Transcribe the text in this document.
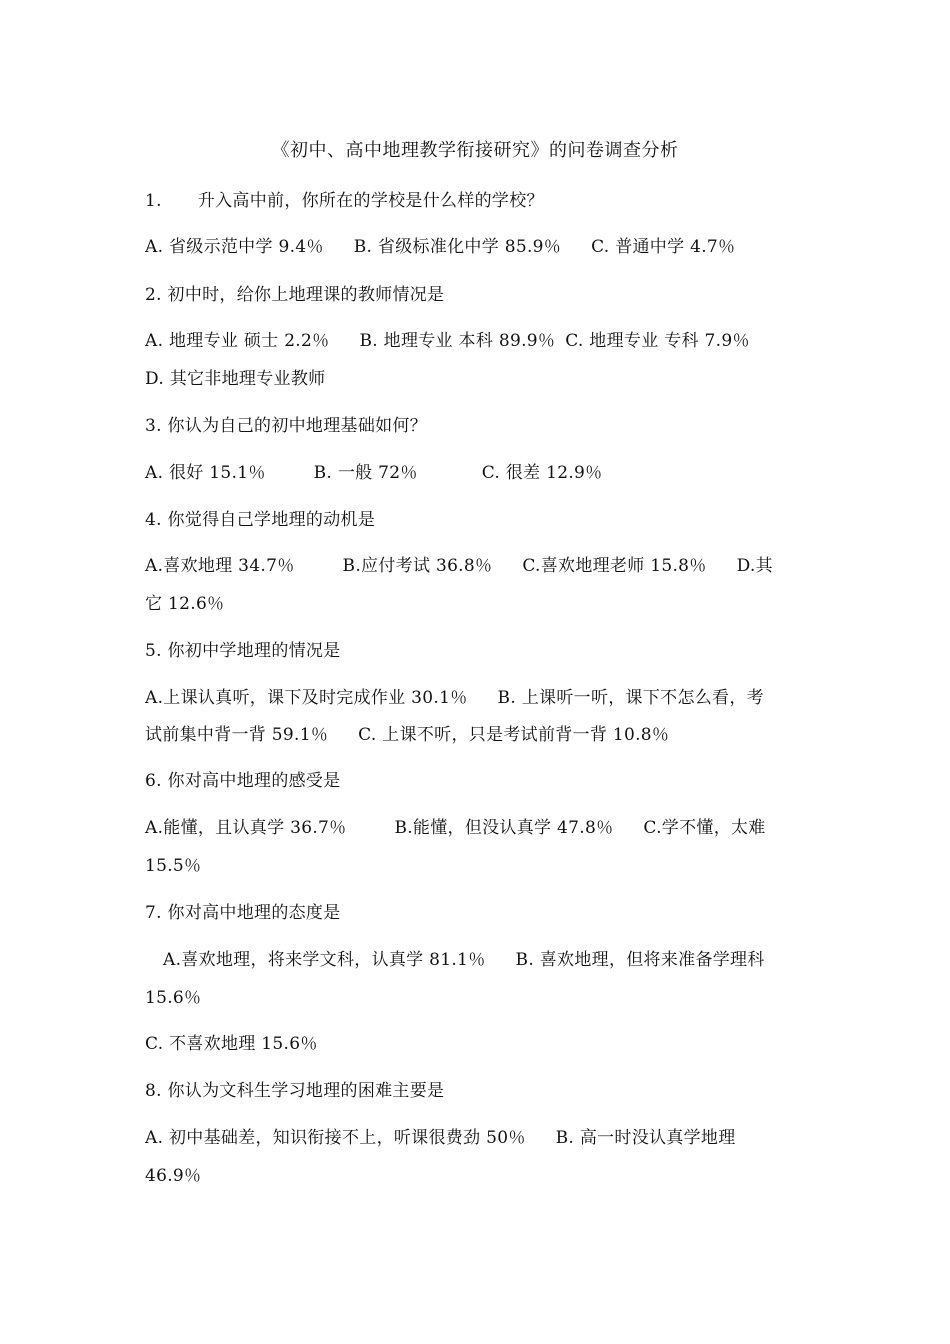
《初中、高中地理教学衔接研究》的问卷调查分析
1. 升入高中前，你所在的学校是什么样的学校？
A. 省级示范中学 9.4％ B. 省级标准化中学 85.9％ C. 普通中学 4.7％
2. 初中时，给你上地理课的教师情况是
A. 地理专业 硕士 2.2％ B. 地理专业 本科 89.9％ C. 地理专业 专科 7.9％
D. 其它非地理专业教师
3. 你认为自己的初中地理基础如何？
A. 很好 15.1％	B. 一般 72％	C. 很差 12.9％
4. 你觉得自己学地理的动机是
A.喜欢地理 34.7％	B.应付考试 36.8％ C.喜欢地理老师 15.8％ D.其
它 12.6％
5. 你初中学地理的情况是
A.上课认真听，课下及时完成作业 30.1％ B. 上课听一听，课下不怎么看，考
试前集中背一背 59.1％ C. 上课不听，只是考试前背一背 10.8％
6. 你对高中地理的感受是
A.能懂，且认真学 36.7％	B.能懂，但没认真学 47.8％ C.学不懂，太难
15.5％
7. 你对高中地理的态度是
A.喜欢地理，将来学文科，认真学 81.1％ B. 喜欢地理，但将来准备学理科
15.6％
C. 不喜欢地理 15.6％
8. 你认为文科生学习地理的困难主要是
A. 初中基础差，知识衔接不上，听课很费劲 50％ B. 高一时没认真学地理
46.9％
